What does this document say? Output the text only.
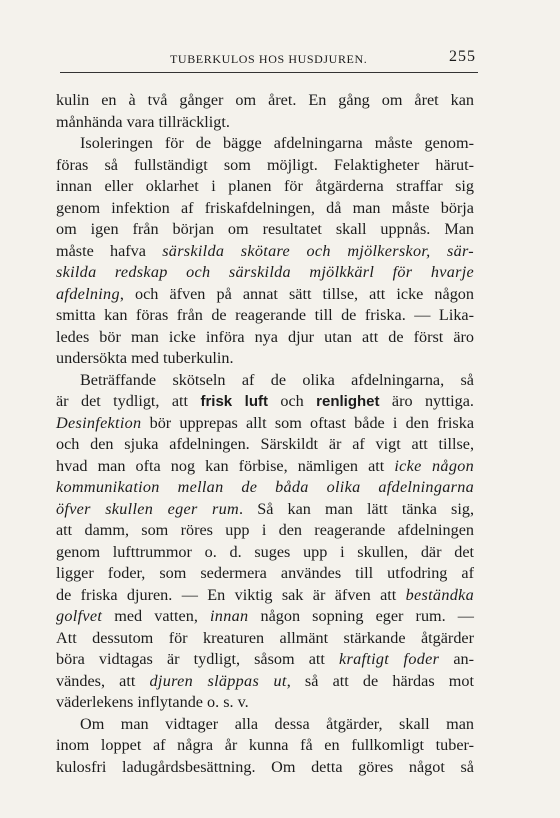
TUBERKULOS HOS HUSDJUREN.	255
kulin en à två gånger om året. En gång om året kan
månhända vara tillräckligt.
Isoleringen för de bägge afdelningarna måste genom-
föras så fullständigt som möjligt. Felaktigheter härut-
innan eller oklarhet i planen för åtgärderna straffar sig
genom infektion af friskafdelningen, då man måste börja
om igen från början om resultatet skall uppnås. Man
måste hafva särskilda skötare och mjölkerskor, sär-
skilda redskap och särskilda mjölkkärl för hvarje
afdelning, och äfven på annat sätt tillse, att icke någon
smitta kan föras från de reagerande till de friska. — Lika-
ledes bör man icke införa nya djur utan att de först äro
undersökta med tuberkulin.
Beträffande skötseln af de olika afdelningarna, så
är det tydligt, att frisk luft och renlighet äro nyttiga.
Desinfektion bör upprepas allt som oftast både i den friska
och den sjuka afdelningen. Särskildt är af vigt att tillse,
hvad man ofta nog kan förbise, nämligen att icke någon
kommunikation mellan de båda olika afdelningarna
öfver skullen eger rum. Så kan man lätt tänka sig,
att damm, som röres upp i den reagerande afdelningen
genom lufttrummor o. d. suges upp i skullen, där det
ligger foder, som sedermera användes till utfodring af
de friska djuren. — En viktig sak är äfven att beständka
golfvet med vatten, innan någon sopning eger rum. —
Att dessutom för kreaturen allmänt stärkande åtgärder
böra vidtagas är tydligt, såsom att kraftigt foder an-
vändes, att djuren släppas ut, så att de härdas mot
väderlekens inflytande o. s. v.
Om man vidtager alla dessa åtgärder, skall man
inom loppet af några år kunna få en fullkomligt tuber-
kulosfri ladugårdsbesättning. Om detta göres något så
